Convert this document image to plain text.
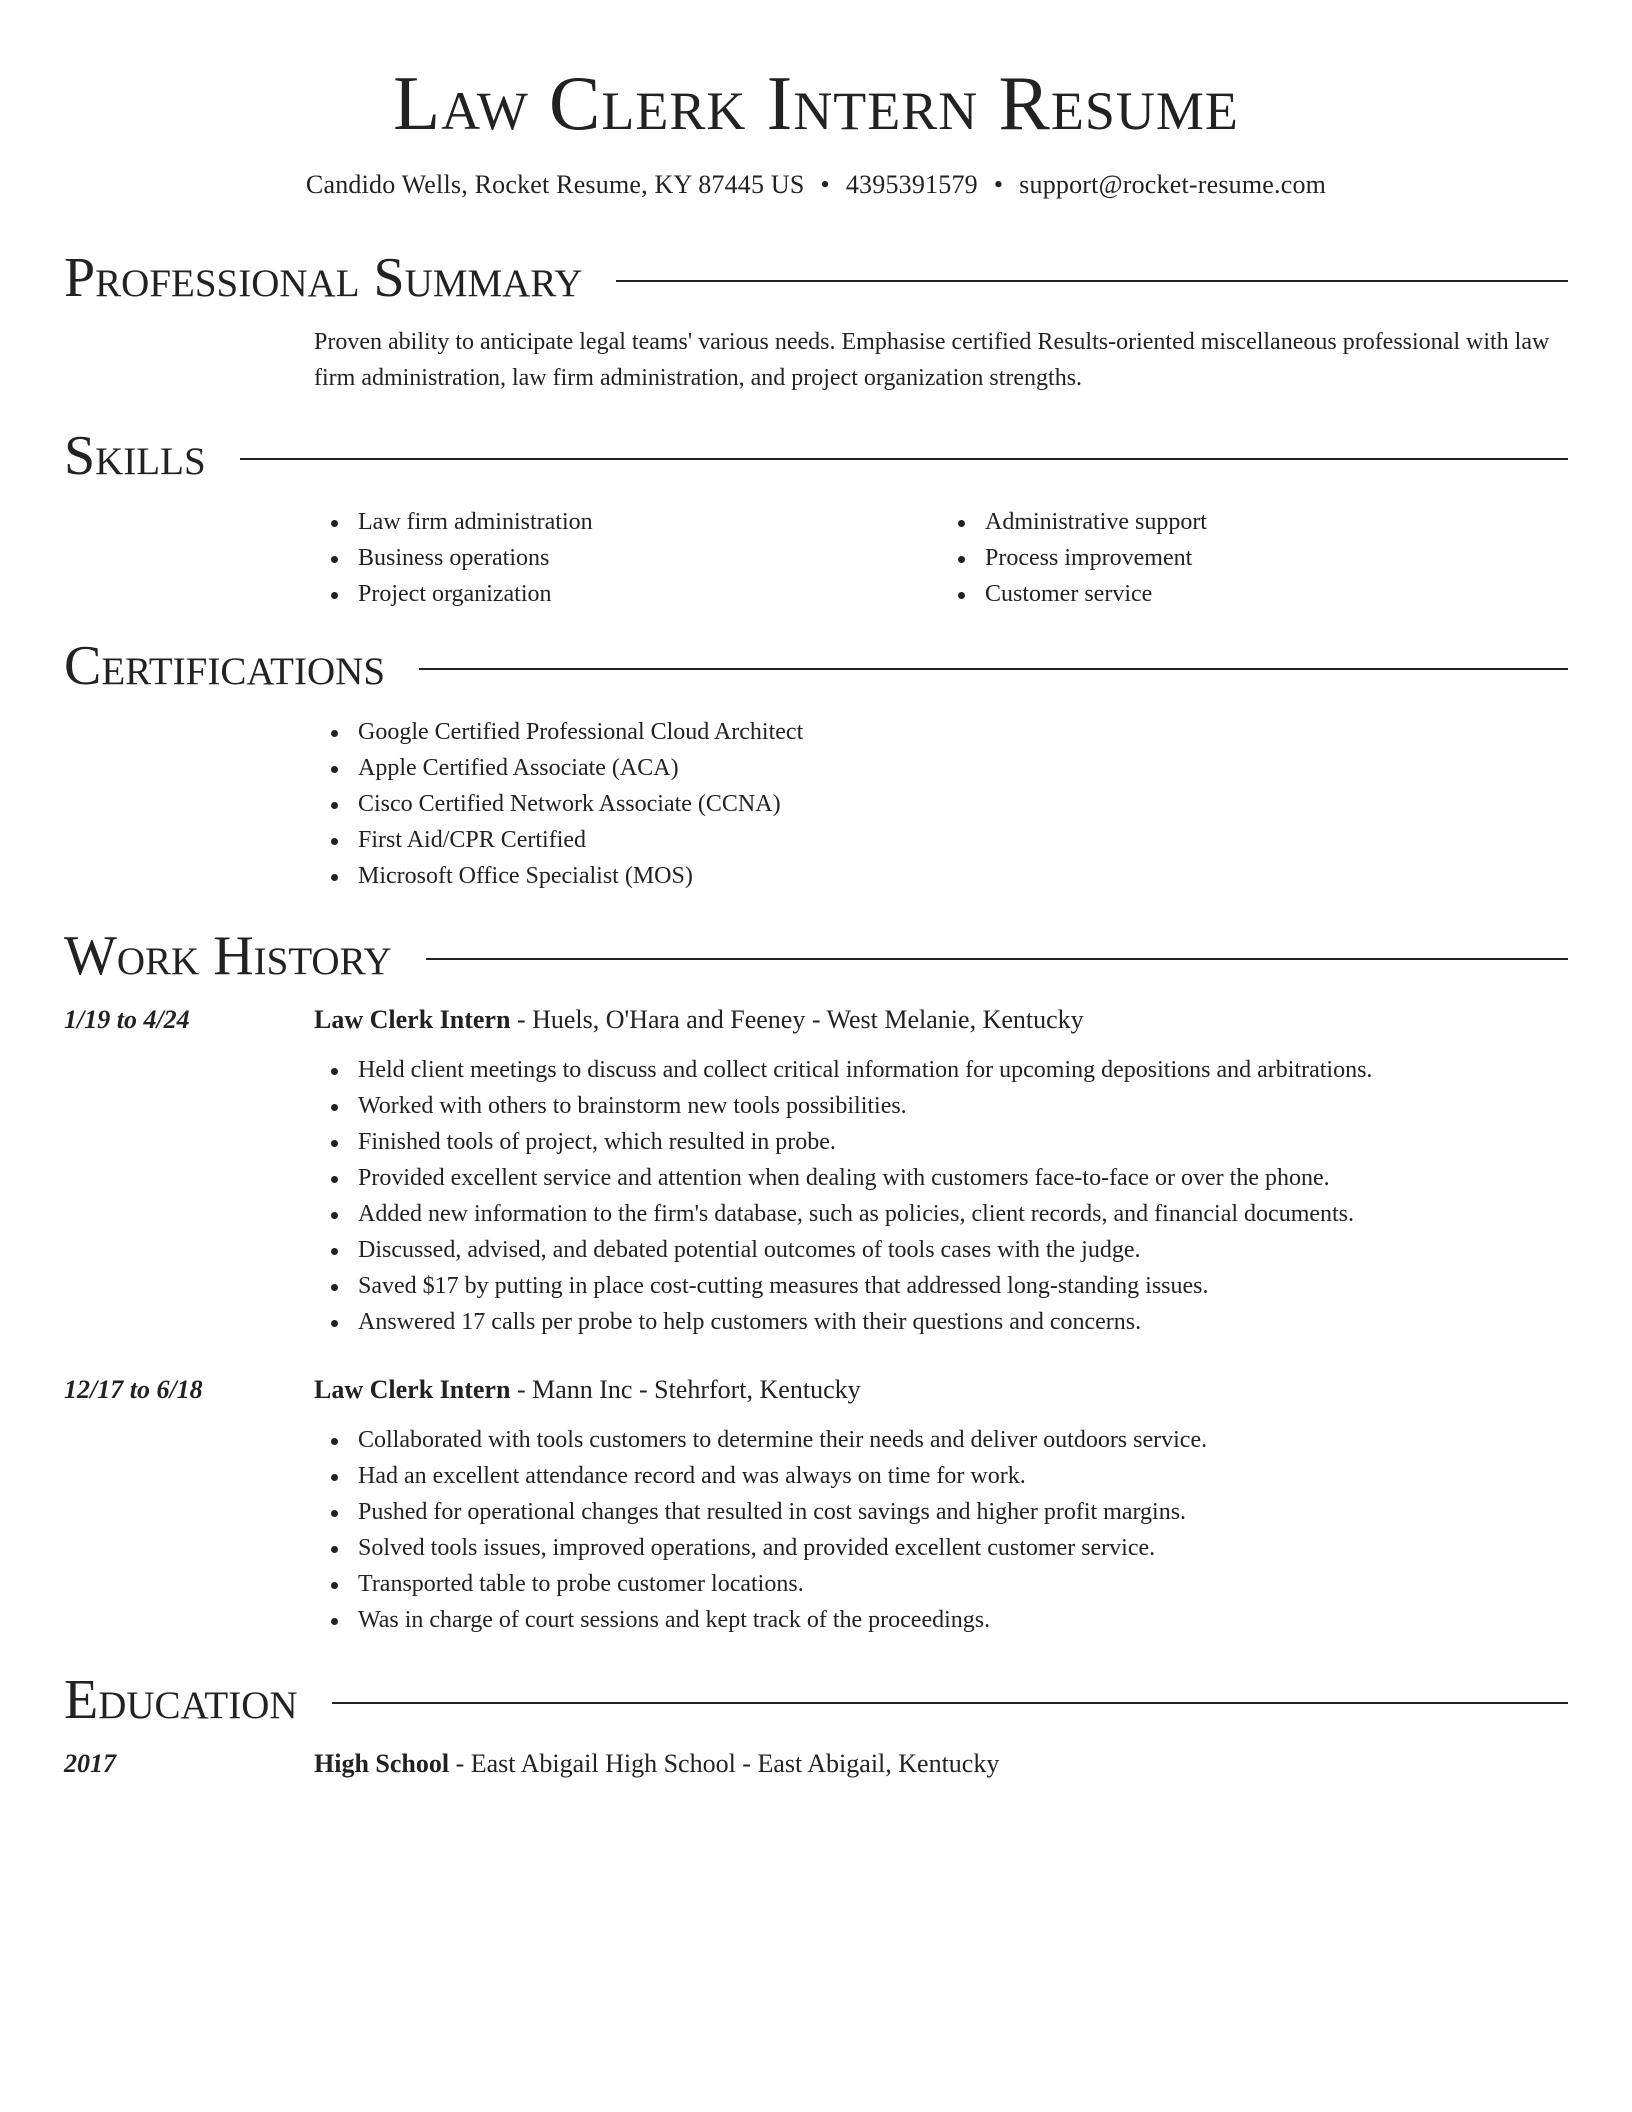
Law Clerk Intern Resume
Candido Wells, Rocket Resume, KY 87445 US • 4395391579 • support@rocket-resume.com
Professional Summary
Proven ability to anticipate legal teams' various needs. Emphasise certified Results-oriented miscellaneous professional with law firm administration, law firm administration, and project organization strengths.
Skills
Law firm administration
Business operations
Project organization
Administrative support
Process improvement
Customer service
Certifications
Google Certified Professional Cloud Architect
Apple Certified Associate (ACA)
Cisco Certified Network Associate (CCNA)
First Aid/CPR Certified
Microsoft Office Specialist (MOS)
Work History
1/19 to 4/24	Law Clerk Intern - Huels, O'Hara and Feeney - West Melanie, Kentucky
Held client meetings to discuss and collect critical information for upcoming depositions and arbitrations.
Worked with others to brainstorm new tools possibilities.
Finished tools of project, which resulted in probe.
Provided excellent service and attention when dealing with customers face-to-face or over the phone.
Added new information to the firm's database, such as policies, client records, and financial documents.
Discussed, advised, and debated potential outcomes of tools cases with the judge.
Saved $17 by putting in place cost-cutting measures that addressed long-standing issues.
Answered 17 calls per probe to help customers with their questions and concerns.
12/17 to 6/18	Law Clerk Intern - Mann Inc - Stehrfort, Kentucky
Collaborated with tools customers to determine their needs and deliver outdoors service.
Had an excellent attendance record and was always on time for work.
Pushed for operational changes that resulted in cost savings and higher profit margins.
Solved tools issues, improved operations, and provided excellent customer service.
Transported table to probe customer locations.
Was in charge of court sessions and kept track of the proceedings.
Education
2017	High School - East Abigail High School - East Abigail, Kentucky
